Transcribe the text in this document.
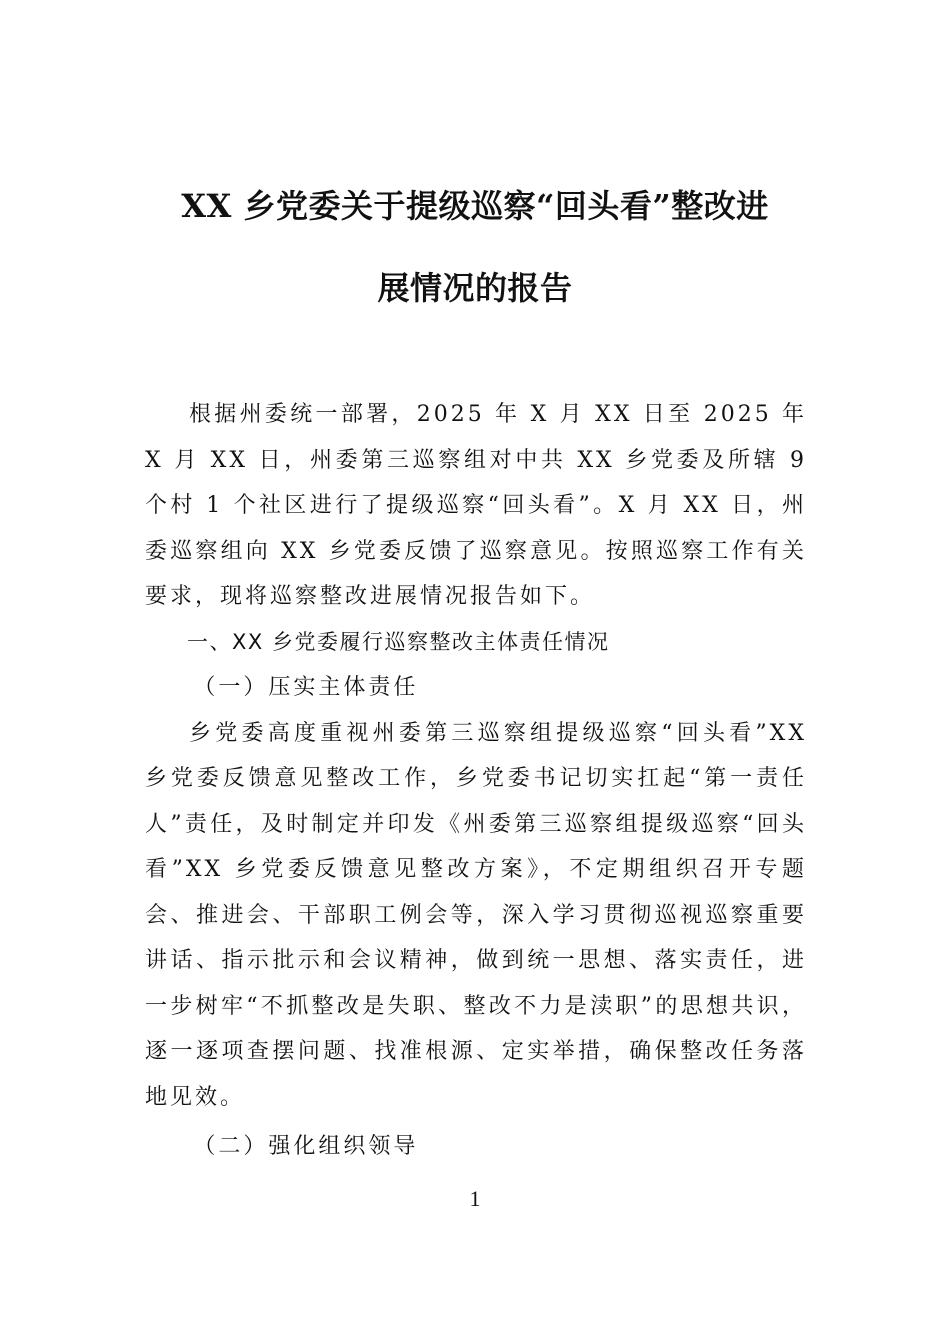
XX 乡党委关于提级巡察“回头看”整改进
展情况的报告

根据州委统一部署，2025 年 X 月 XX 日至 2025 年 X 月 XX 日，州委第三巡察组对中共 XX 乡党委及所辖 9 个村 1 个社区进行了提级巡察“回头看”。X 月 XX 日，州委巡察组向 XX 乡党委反馈了巡察意见。按照巡察工作有关要求，现将巡察整改进展情况报告如下。

一、XX 乡党委履行巡察整改主体责任情况

（一）压实主体责任

乡党委高度重视州委第三巡察组提级巡察“回头看”XX 乡党委反馈意见整改工作，乡党委书记切实扛起“第一责任人”责任，及时制定并印发《州委第三巡察组提级巡察“回头看”XX 乡党委反馈意见整改方案》，不定期组织召开专题会、推进会、干部职工例会等，深入学习贯彻巡视巡察重要讲话、指示批示和会议精神，做到统一思想、落实责任，进一步树牢“不抓整改是失职、整改不力是渎职”的思想共识，逐一逐项查摆问题、找准根源、定实举措，确保整改任务落地见效。

（二）强化组织领导

1
